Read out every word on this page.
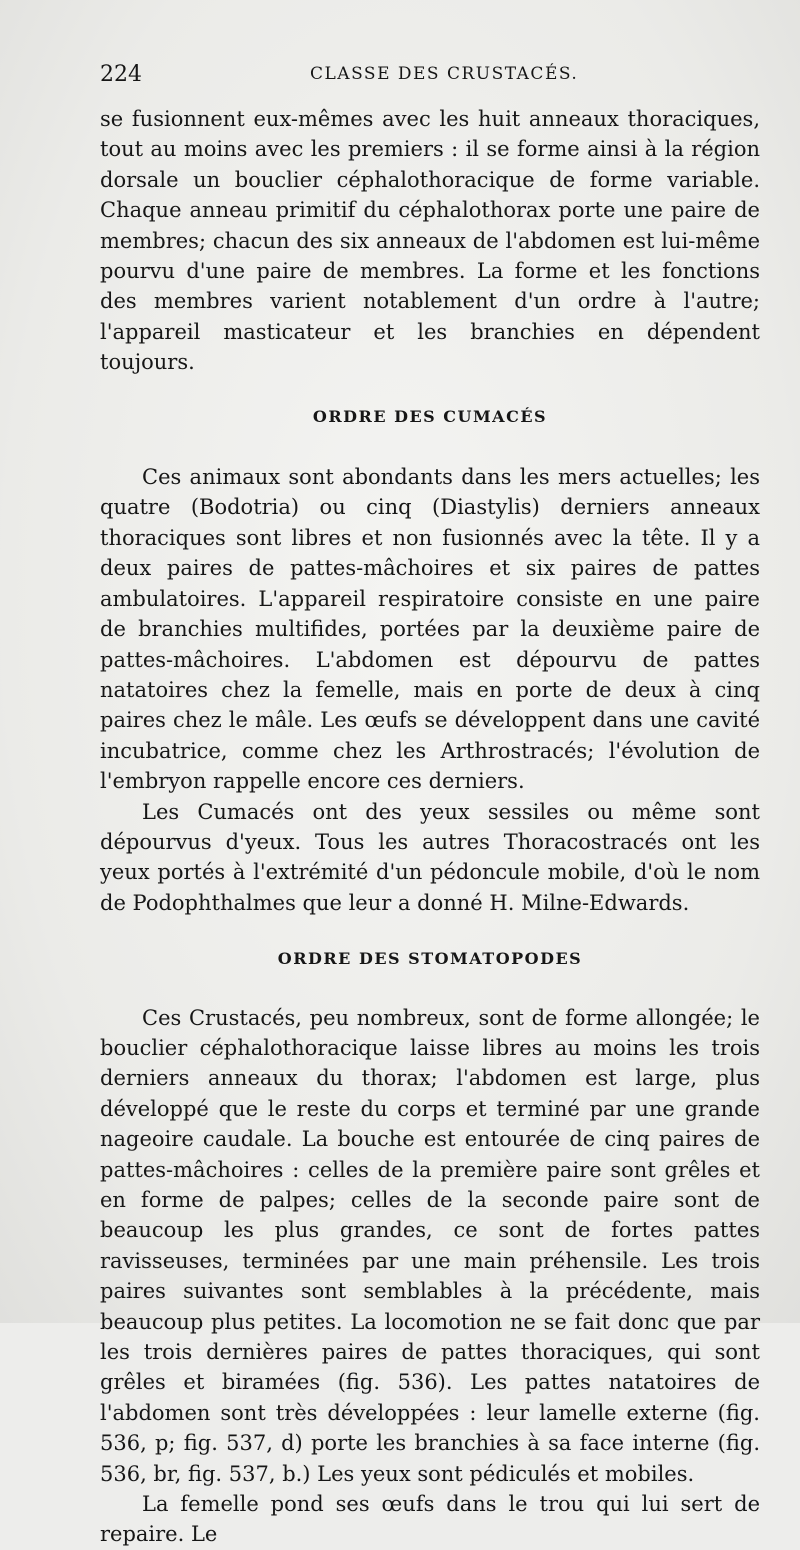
224	CLASSE DES CRUSTACÉS.

se fusionnent eux-mêmes avec les huit anneaux thoraciques, tout au moins avec les premiers : il se forme ainsi à la région dorsale un bouclier céphalothoracique de forme variable. Chaque anneau primitif du céphalothorax porte une paire de membres; chacun des six anneaux de l'abdomen est lui-même pourvu d'une paire de membres. La forme et les fonctions des membres varient notablement d'un ordre à l'autre; l'appareil masticateur et les branchies en dépendent toujours.

ORDRE DES CUMACÉS

Ces animaux sont abondants dans les mers actuelles; les quatre (Bodotria) ou cinq (Diastylis) derniers anneaux thoraciques sont libres et non fusionnés avec la tête. Il y a deux paires de pattes-mâchoires et six paires de pattes ambulatoires. L'appareil respiratoire consiste en une paire de branchies multifides, portées par la deuxième paire de pattes-mâchoires. L'abdomen est dépourvu de pattes natatoires chez la femelle, mais en porte de deux à cinq paires chez le mâle. Les œufs se développent dans une cavité incubatrice, comme chez les Arthrostracés; l'évolution de l'embryon rappelle encore ces derniers.

Les Cumacés ont des yeux sessiles ou même sont dépourvus d'yeux. Tous les autres Thoracostracés ont les yeux portés à l'extrémité d'un pédoncule mobile, d'où le nom de Podophthalmes que leur a donné H. Milne-Edwards.

ORDRE DES STOMATOPODES

Ces Crustacés, peu nombreux, sont de forme allongée; le bouclier céphalothoracique laisse libres au moins les trois derniers anneaux du thorax; l'abdomen est large, plus développé que le reste du corps et terminé par une grande nageoire caudale. La bouche est entourée de cinq paires de pattes-mâchoires : celles de la première paire sont grêles et en forme de palpes; celles de la seconde paire sont de beaucoup les plus grandes, ce sont de fortes pattes ravisseuses, terminées par une main préhensile. Les trois paires suivantes sont semblables à la précédente, mais beaucoup plus petites. La locomotion ne se fait donc que par les trois dernières paires de pattes thoraciques, qui sont grêles et biramées (fig. 536). Les pattes natatoires de l'abdomen sont très développées : leur lamelle externe (fig. 536, p; fig. 537, d) porte les branchies à sa face interne (fig. 536, br, fig. 537, b.) Les yeux sont pédiculés et mobiles.

La femelle pond ses œufs dans le trou qui lui sert de repaire. Le
